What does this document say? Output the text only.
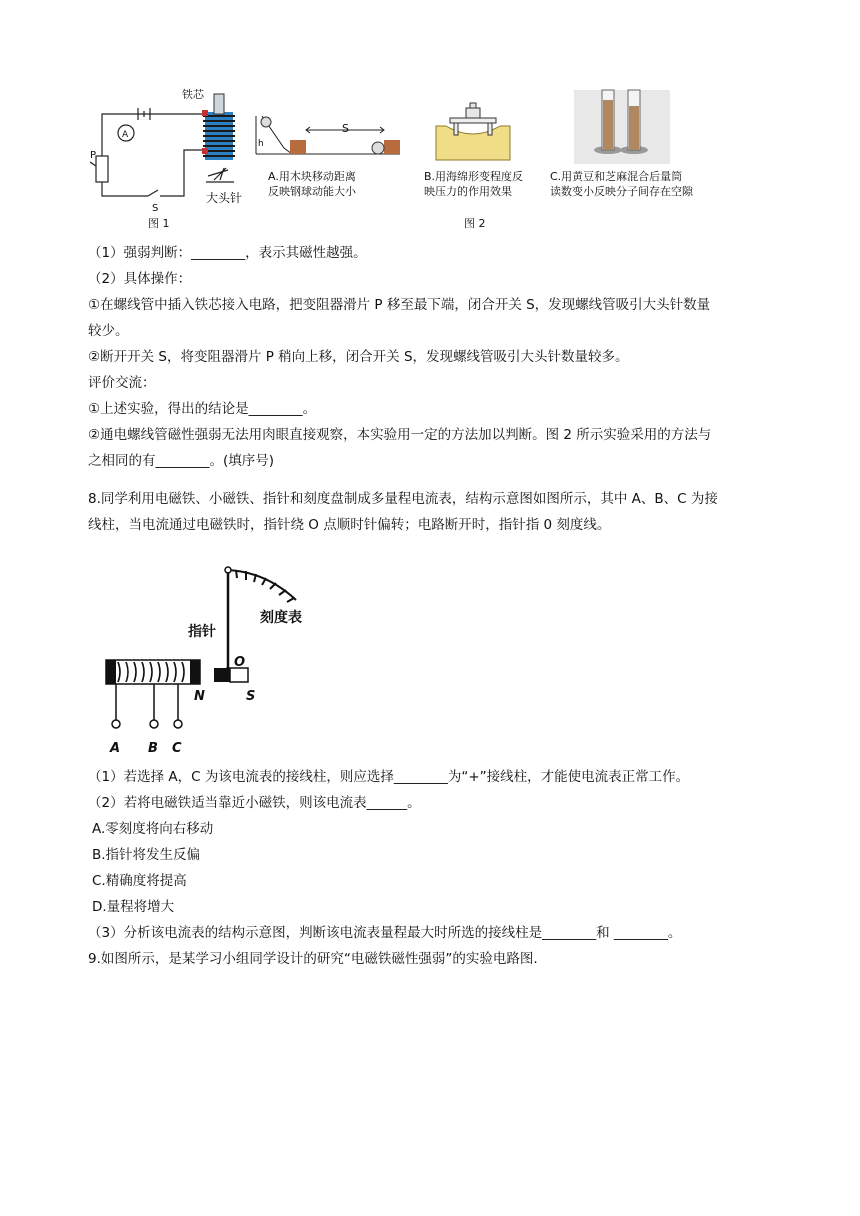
铁芯
A
P
S
大头针
图 1
S
h
A.用木块移动距离
反映钢球动能大小
B.用海绵形变程度反
映压力的作用效果
图 2
C.用黄豆和芝麻混合后量筒
读数变小反映分子间存在空隙
（1）强弱判断：________，表示其磁性越强。
（2）具体操作：
①在螺线管中插入铁芯接入电路，把变阻器滑片 P 移至最下端，闭合开关 S，发现螺线管吸引大头针数量
较少。
②断开开关 S，将变阻器滑片 P 稍向上移，闭合开关 S，发现螺线管吸引大头针数量较多。
评价交流：
①上述实验，得出的结论是________。
②通电螺线管磁性强弱无法用肉眼直接观察，本实验用一定的方法加以判断。图 2 所示实验采用的方法与
之相同的有________。(填序号)
8.同学利用电磁铁、小磁铁、指针和刻度盘制成多量程电流表，结构示意图如图所示，其中 A、B、C 为接
线柱，当电流通过电磁铁时，指针绕 O 点顺时针偏转；电路断开时，指针指 0 刻度线。
指针
刻度表
O
N	S
A B C
（1）若选择 A，C 为该电流表的接线柱，则应选择________为“+”接线柱，才能使电流表正常工作。
（2）若将电磁铁适当靠近小磁铁，则该电流表______。
A.零刻度将向右移动
B.指针将发生反偏
C.精确度将提高
D.量程将增大
（3）分析该电流表的结构示意图，判断该电流表量程最大时所选的接线柱是________和 ________。
9.如图所示，是某学习小组同学设计的研究“电磁铁磁性强弱”的实验电路图.
